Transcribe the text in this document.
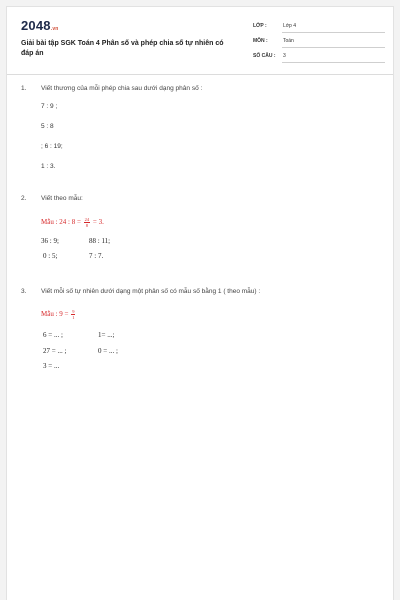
2048.vn
Giải bài tập SGK Toán 4 Phân số và phép chia số tự nhiên có đáp án
LỚP :	Lớp 4
MÔN :	Toán
SỐ CÂU : 3
1. Viết thương của mỗi phép chia sau dưới dạng phân số :
7 : 9 ;
5 : 8
; 6 : 19;
1 : 3.
2. Viết theo mẫu:
Mẫu : 24 : $8 = \frac{24}{8} = 3$.
36 : 9;	88 : 11;
0 : 5;	7 : 7.
3. Viết mỗi số tự nhiên dưới dạng một phân số có mẫu số bằng 1 ( theo mẫu) :
Mẫu : $9 = \frac{9}{1}$
6 = ... ;	1= ...;
27 = ... ;	0 = ... ;
3 = ...
